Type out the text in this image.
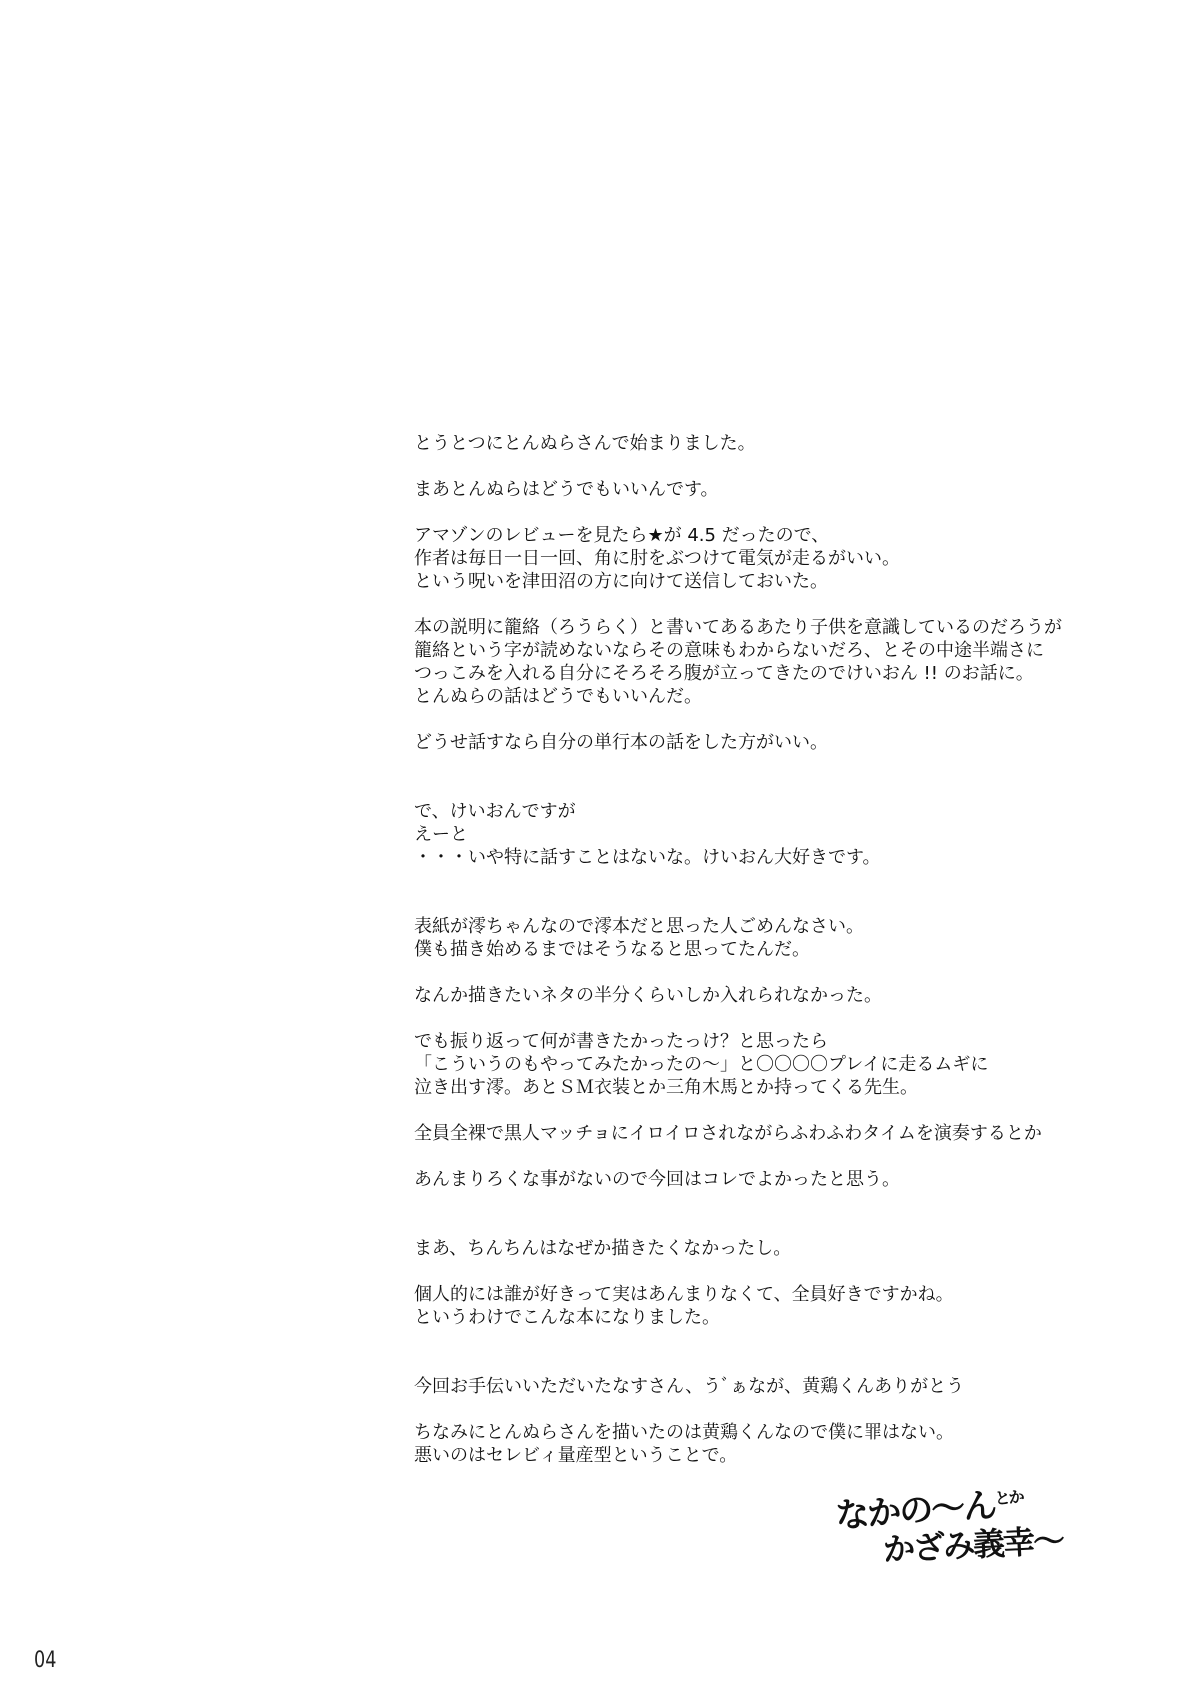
とうとつにとんぬらさんで始まりました。
まあとんぬらはどうでもいいんです。
アマゾンのレビューを見たら★が 4.5 だったので、
作者は毎日一日一回、角に肘をぶつけて電気が走るがいい。
という呪いを津田沼の方に向けて送信しておいた。
本の説明に籠絡（ろうらく）と書いてあるあたり子供を意識しているのだろうが
籠絡という字が読めないならその意味もわからないだろ、とその中途半端さに
つっこみを入れる自分にそろそろ腹が立ってきたのでけいおん !! のお話に。
とんぬらの話はどうでもいいんだ。
どうせ話すなら自分の単行本の話をした方がいい。
で、けいおんですが
えーと
・・・いや特に話すことはないな。けいおん大好きです。
表紙が澪ちゃんなので澪本だと思った人ごめんなさい。
僕も描き始めるまではそうなると思ってたんだ。
なんか描きたいネタの半分くらいしか入れられなかった。
でも振り返って何が書きたかったっけ？と思ったら
「こういうのもやってみたかったの～」と〇〇〇〇プレイに走るムギに
泣き出す澪。あとＳＭ衣装とか三角木馬とか持ってくる先生。
全員全裸で黒人マッチョにイロイロされながらふわふわタイムを演奏するとか
あんまりろくな事がないので今回はコレでよかったと思う。
まあ、ちんちんはなぜか描きたくなかったし。
個人的には誰が好きって実はあんまりなくて、全員好きですかね。
というわけでこんな本になりました。
今回お手伝いいただいたなすさん、うﾞぁなが、黄鶏くんありがとう
ちなみにとんぬらさんを描いたのは黄鶏くんなので僕に罪はない。
悪いのはセレビィ量産型ということで。
なかの〜ん$^{とか}$
かざみ義幸〜
04
